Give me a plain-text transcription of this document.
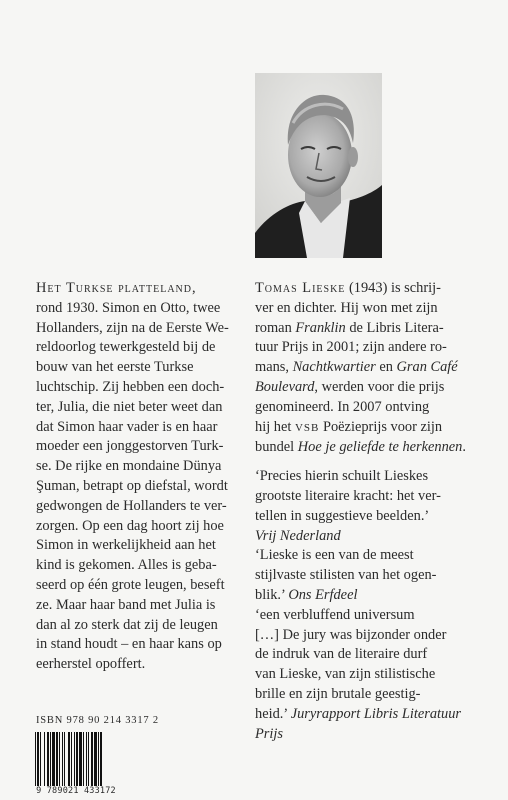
Het Turkse platteland,
rond 1930. Simon en Otto, twee
Hollanders, zijn na de Eerste We-
reldoorlog tewerkgesteld bij de
bouw van het eerste Turkse
luchtschip. Zij hebben een doch-
ter, Julia, die niet beter weet dan
dat Simon haar vader is en haar
moeder een jonggestorven Turk-
se. De rijke en mondaine Dünya
Şuman, betrapt op diefstal, wordt
gedwongen de Hollanders te ver-
zorgen. Op een dag hoort zij hoe
Simon in werkelijkheid aan het
kind is gekomen. Alles is geba-
seerd op één grote leugen, beseft
ze. Maar haar band met Julia is
dan al zo sterk dat zij de leugen
in stand houdt – en haar kans op
eerherstel opoffert.
Tomas Lieske (1943) is schrij-
ver en dichter. Hij won met zijn
roman Franklin de Libris Litera-
tuur Prijs in 2001; zijn andere ro-
mans, Nachtkwartier en Gran Café
Boulevard, werden voor die prijs
genomineerd. In 2007 ontving
hij het VSB Poëzieprijs voor zijn
bundel Hoe je geliefde te herkennen.
‘Precies hierin schuilt Lieskes
grootste literaire kracht: het ver-
tellen in suggestieve beelden.’
Vrij Nederland
‘Lieske is een van de meest
stijlvaste stilisten van het ogen-
blik.’ Ons Erfdeel
‘een verbluffend universum
[…] De jury was bijzonder onder
de indruk van de literaire durf
van Lieske, van zijn stilistische
brille en zijn brutale geestig-
heid.’ Juryrapport Libris Literatuur
Prijs
ISBN 978 90 214 3317 2
9 789021 433172
